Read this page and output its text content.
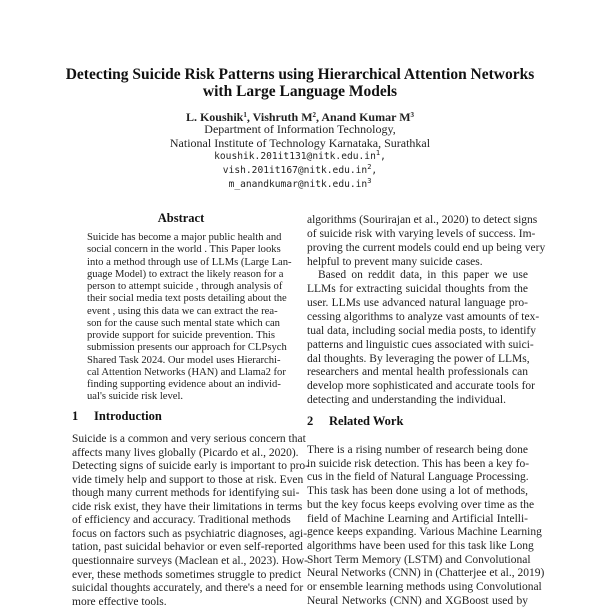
Detecting Suicide Risk Patterns using Hierarchical Attention Networks
with Large Language Models
L. Koushik$^1$, Vishruth $M^2$, Anand Kumar $M^3$
Department of Information Technology,
National Institute of Technology Karnataka, Surathkal
$koushik.201it131@nitk.edu.in^1$,
$vish.201it167@nitk.edu.in^2$,
$m\_anandkumar@nitk.edu.in^3$
Abstract
Suicide has become a major public health and
social concern in the world . This Paper looks
into a method through use of LLMs (Large Lan-
guage Model) to extract the likely reason for a
person to attempt suicide , through analysis of
their social media text posts detailing about the
event , using this data we can extract the rea-
son for the cause such mental state which can
provide support for suicide prevention. This
submission presents our approach for CLPsych
Shared Task 2024. Our model uses Hierarchi-
cal Attention Networks (HAN) and Llama2 for
finding supporting evidence about an individ-
ual's suicide risk level.
1 Introduction
Suicide is a common and very serious concern that
affects many lives globally (Picardo et al., 2020).
Detecting signs of suicide early is important to pro-
vide timely help and support to those at risk. Even
though many current methods for identifying sui-
cide risk exist, they have their limitations in terms
of efficiency and accuracy. Traditional methods
focus on factors such as psychiatric diagnoses, agi-
tation, past suicidal behavior or even self-reported
questionnaire surveys (Maclean et al., 2023). How-
ever, these methods sometimes struggle to predict
suicidal thoughts accurately, and there's a need for
more effective tools.
algorithms (Sourirajan et al., 2020) to detect signs
of suicide risk with varying levels of success. Im-
proving the current models could end up being very
helpful to prevent many suicide cases.
Based on reddit data, in this paper we use
LLMs for extracting suicidal thoughts from the
user. LLMs use advanced natural language pro-
cessing algorithms to analyze vast amounts of tex-
tual data, including social media posts, to identify
patterns and linguistic cues associated with suici-
dal thoughts. By leveraging the power of LLMs,
researchers and mental health professionals can
develop more sophisticated and accurate tools for
detecting and understanding the individual.
2 Related Work
There is a rising number of research being done
in suicide risk detection. This has been a key fo-
cus in the field of Natural Language Processing.
This task has been done using a lot of methods,
but the key focus keeps evolving over time as the
field of Machine Learning and Artificial Intelli-
gence keeps expanding. Various Machine Learning
algorithms have been used for this task like Long
Short Term Memory (LSTM) and Convolutional
Neural Networks (CNN) in (Chatterjee et al., 2019)
or ensemble learning methods using Convolutional
Neural Networks (CNN) and XGBoost used by
